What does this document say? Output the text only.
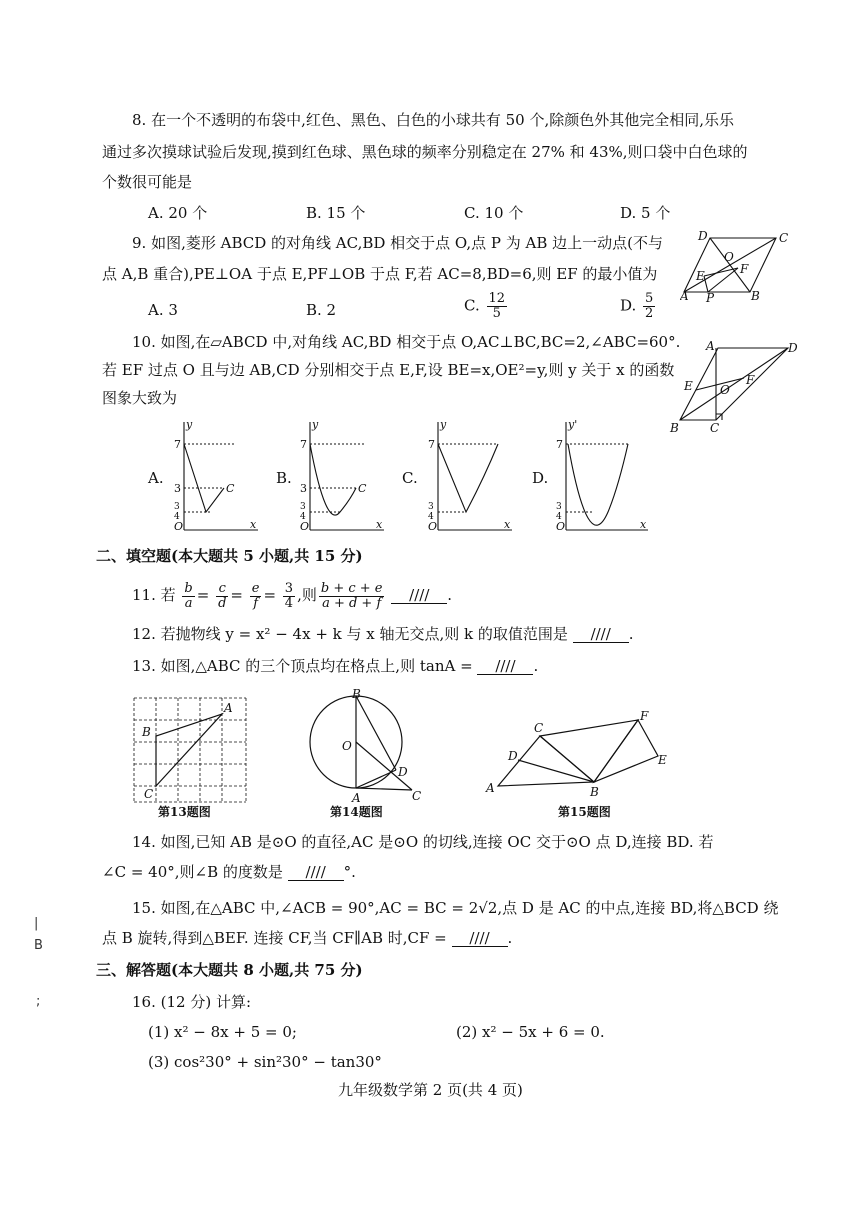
8. 在一个不透明的布袋中,红色、黑色、白色的小球共有 50 个,除颜色外其他完全相同,乐乐
通过多次摸球试验后发现,摸到红色球、黑色球的频率分别稳定在 27% 和 43%,则口袋中白色球的
个数很可能是
A. 20 个	B. 15 个	C. 10 个	D. 5 个
9. 如图,菱形 ABCD 的对角线 AC,BD 相交于点 O,点 P 为 AB 边上一动点(不与
点 A,B 重合),PE⊥OA 于点 E,PF⊥OB 于点 F,若 AC=8,BD=6,则 EF 的最小值为
A. 3	B. 2	C. $\frac{12}{5}$	D. $\frac{5}{2}$
D	C
O
E	F
A P	B
10. 如图,在▱ABCD 中,对角线 AC,BD 相交于点 O,AC⊥BC,BC=2,∠ABC=60°.
若 EF 过点 O 且与边 AB,CD 分别相交于点 E,F,设 BE=x,OE²=y,则 y 关于 x 的函数
图象大致为
A	D
E	F
O
B	C
A.
y
7
3
3
4
C
O	x
B.
y
7
3
3
4
C
O	x
C.
7
3
4
y
O	x
D.
y'
7
3
4
O	x
二、填空题(本大题共 5 小题,共 15 分)
11. 若 $\frac{b}{a} = \frac{c}{d} = \frac{e}{f} = \frac{3}{4}$ ,则 $\frac{b + c + e}{a + d + f}$ //// .
12. 若抛物线 y = x² − 4x + k 与 x 轴无交点,则 k 的取值范围是 //// .
13. 如图,△ABC 的三个顶点均在格点上,则 tanA = //// .
A
B
C
第13题图
B
O
D
A	C
第14题图
C
F
D	E
A	B
第15题图
14. 如图,已知 AB 是⊙O 的直径,AC 是⊙O 的切线,连接 OC 交于⊙O 点 D,连接 BD. 若
∠C = 40°,则∠B 的度数是 //// °.
15. 如图,在△ABC 中,∠ACB = 90°,AC = BC = 2√2,点 D 是 AC 的中点,连接 BD,将△BCD 绕
点 B 旋转,得到△BEF. 连接 CF,当 CF∥AB 时,CF = //// .
|
B
;
三、解答题(本大题共 8 小题,共 75 分)
16. (12 分) 计算:
(1) x² − 8x + 5 = 0;	(2) x² − 5x + 6 = 0.
(3) cos²30° + sin²30° − tan30°
九年级数学第 2 页(共 4 页)
